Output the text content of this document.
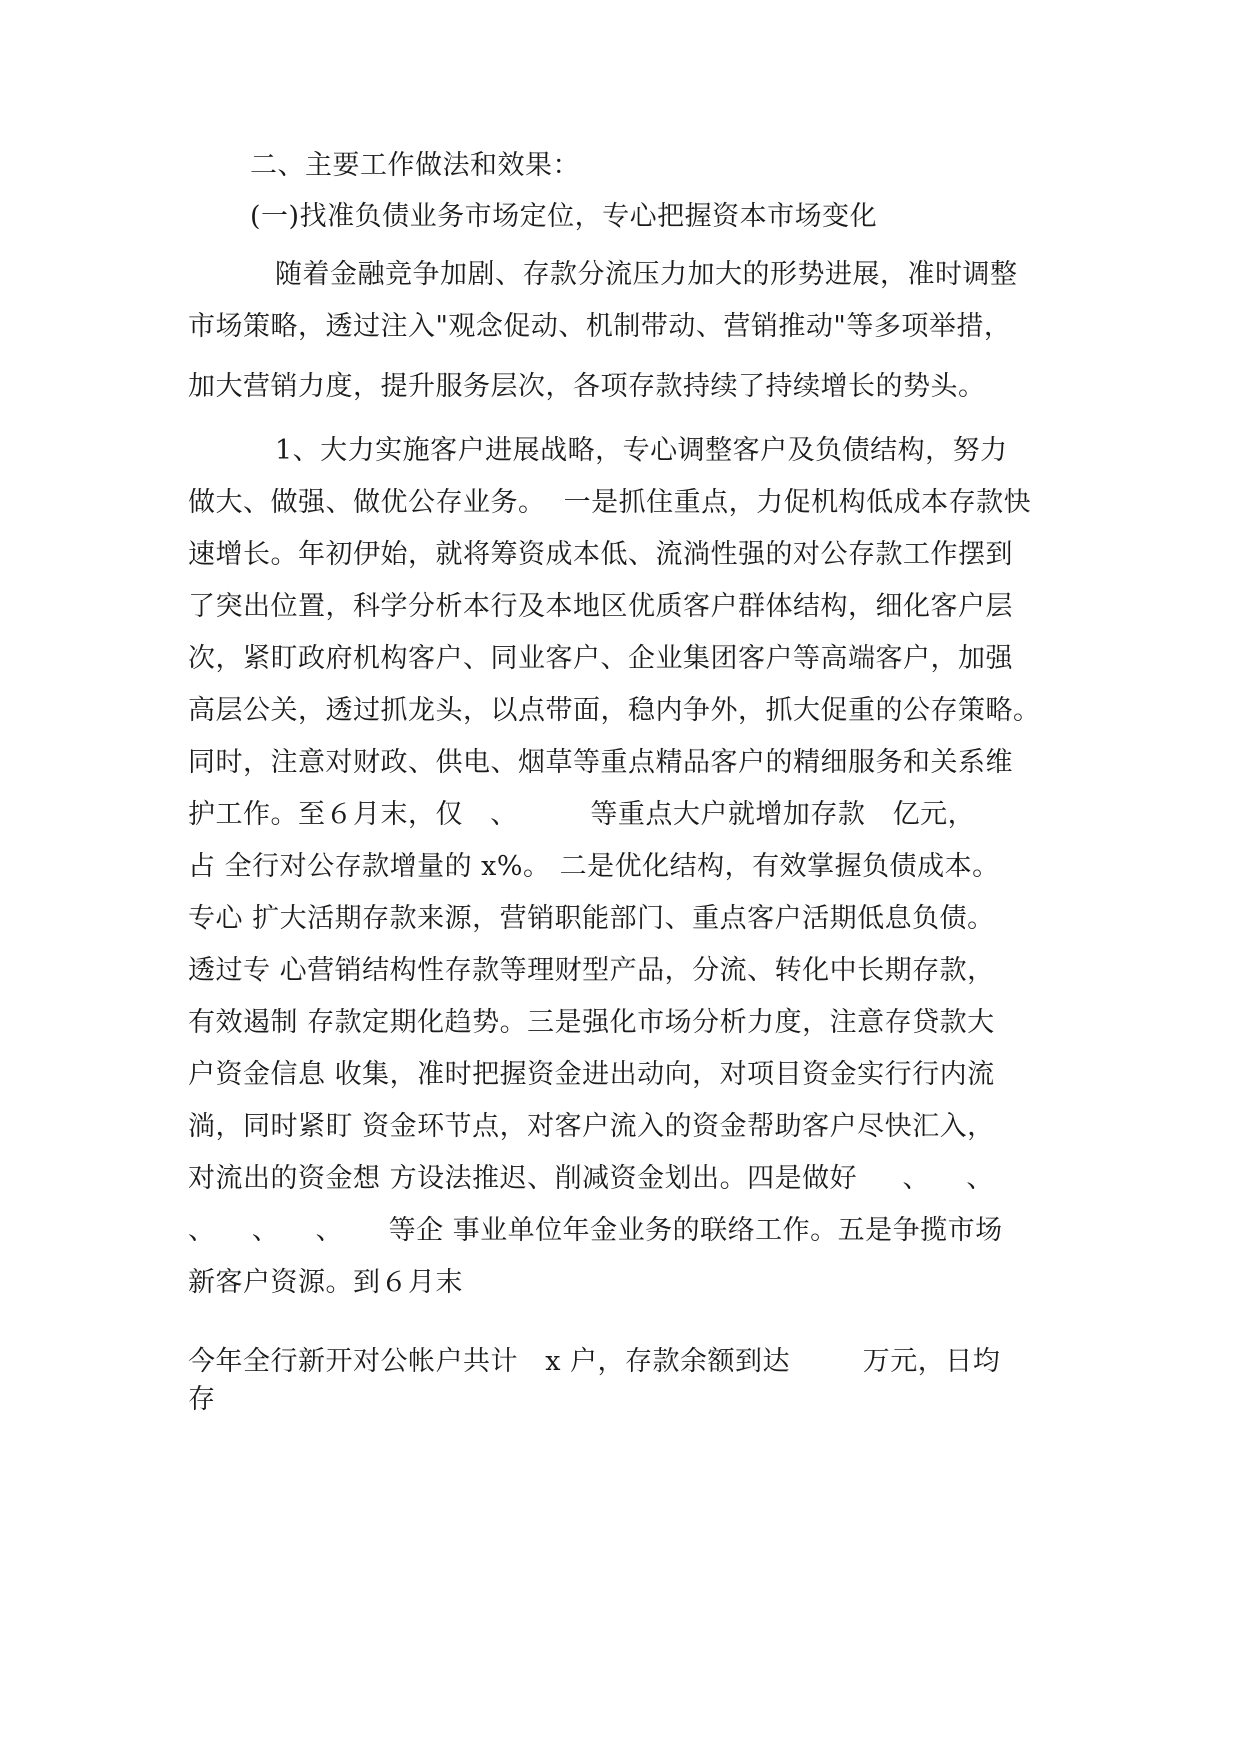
二、主要工作做法和效果：
(一)找准负债业务市场定位，专心把握资本市场变化
随着金融竞争加剧、存款分流压力加大的形势进展，准时调整
市场策略，透过注入"观念促动、机制带动、营销推动"等多项举措，
加大营销力度，提升服务层次，各项存款持续了持续增长的势头。
1、大力实施客户进展战略，专心调整客户及负债结构，努力
做大、做强、做优公存业务。  一是抓住重点，力促机构低成本存款快
速增长。年初伊始，就将筹资成本低、流淌性强的对公存款工作摆到
了突出位置，科学分析本行及本地区优质客户群体结构，细化客户层
次，紧盯政府机构客户、同业客户、企业集团客户等高端客户，加强
高层公关，透过抓龙头，以点带面，稳内争外，抓大促重的公存策略。
同时，注意对财政、供电、烟草等重点精品客户的精细服务和关系维
护工作。至６月末，仅   、        等重点大户就增加存款   亿元，
占 全行对公存款增量的 x%。 二是优化结构，有效掌握负债成本。
专心 扩大活期存款来源，营销职能部门、重点客户活期低息负债。
透过专 心营销结构性存款等理财型产品，分流、转化中长期存款，
有效遏制 存款定期化趋势。三是强化市场分析力度，注意存贷款大
户资金信息 收集，准时把握资金进出动向，对项目资金实行行内流
淌，同时紧盯 资金环节点，对客户流入的资金帮助客户尽快汇入，
对流出的资金想 方设法推迟、削减资金划出。四是做好     、    、
、    、    、     等企 事业单位年金业务的联络工作。五是争揽市场
新客户资源。到６月末
今年全行新开对公帐户共计   x 户，存款余额到达        万元，日均
存
